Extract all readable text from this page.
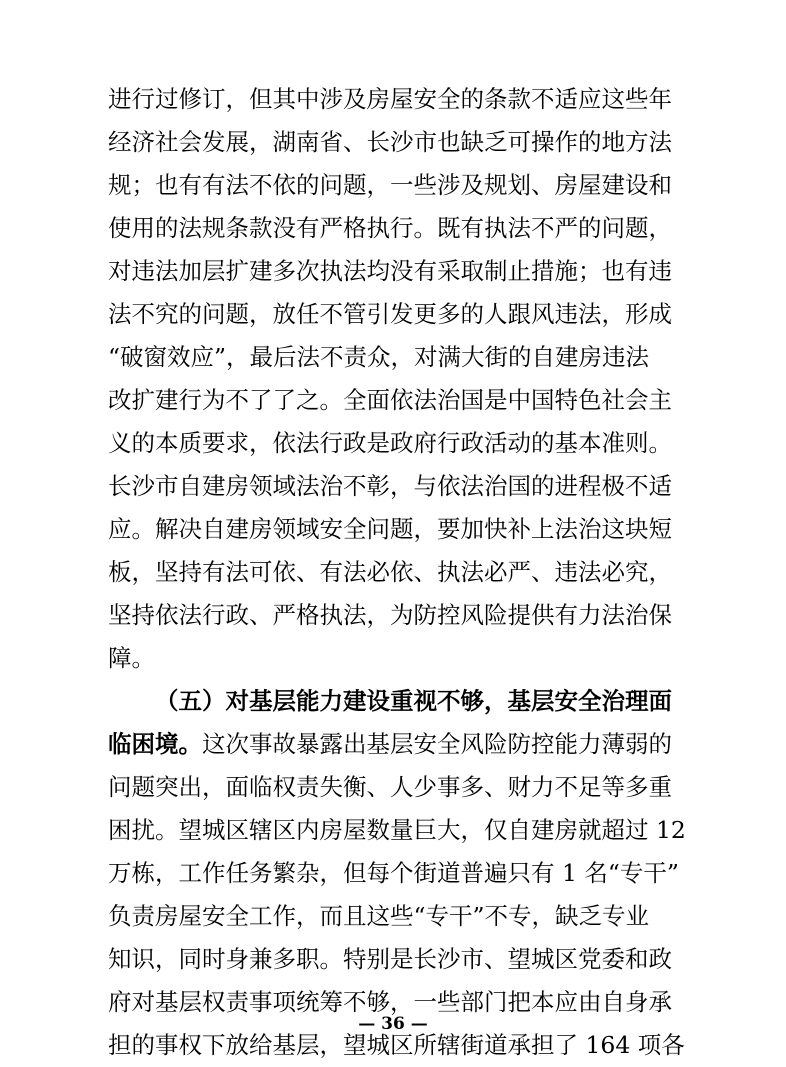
进行过修订，但其中涉及房屋安全的条款不适应这些年
经济社会发展，湖南省、长沙市也缺乏可操作的地方法
规；也有有法不依的问题，一些涉及规划、房屋建设和
使用的法规条款没有严格执行。既有执法不严的问题，
对违法加层扩建多次执法均没有采取制止措施；也有违
法不究的问题，放任不管引发更多的人跟风违法，形成
“破窗效应”，最后法不责众，对满大街的自建房违法
改扩建行为不了了之。全面依法治国是中国特色社会主
义的本质要求，依法行政是政府行政活动的基本准则。
长沙市自建房领域法治不彰，与依法治国的进程极不适
应。解决自建房领域安全问题，要加快补上法治这块短
板，坚持有法可依、有法必依、执法必严、违法必究，
坚持依法行政、严格执法，为防控风险提供有力法治保
障。
（五）对基层能力建设重视不够，基层安全治理面
临困境。这次事故暴露出基层安全风险防控能力薄弱的
问题突出，面临权责失衡、人少事多、财力不足等多重
困扰。望城区辖区内房屋数量巨大，仅自建房就超过 12
万栋，工作任务繁杂，但每个街道普遍只有 1 名“专干”
负责房屋安全工作，而且这些“专干”不专，缺乏专业
知识，同时身兼多职。特别是长沙市、望城区党委和政
府对基层权责事项统筹不够，一些部门把本应由自身承
担的事权下放给基层，望城区所辖街道承担了 164 项各
— 36 —
